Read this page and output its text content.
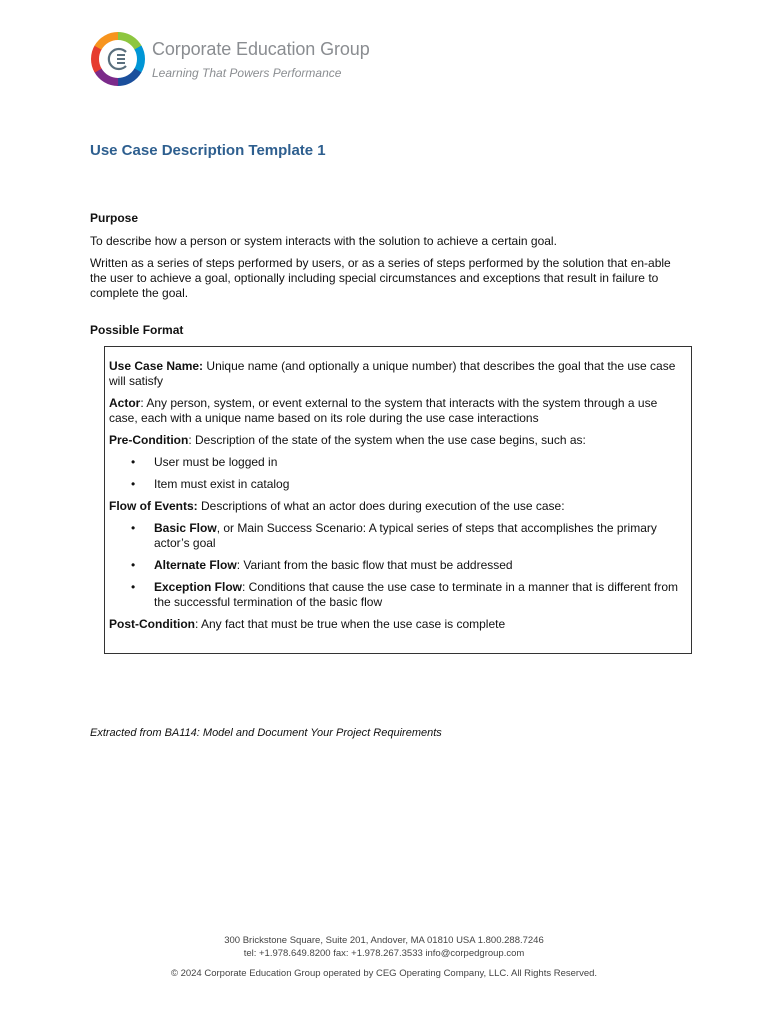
Corporate Education Group
Learning That Powers Performance
Use Case Description Template 1
Purpose

To describe how a person or system interacts with the solution to achieve a certain goal.

Written as a series of steps performed by users, or as a series of steps performed by the solution that en-able the user to achieve a goal, optionally including special circumstances and exceptions that result in failure to complete the goal.

Possible Format

Use Case Name: Unique name (and optionally a unique number) that describes the goal that the use case will satisfy

Actor: Any person, system, or event external to the system that interacts with the system through a use case, each with a unique name based on its role during the use case interactions

Pre-Condition: Description of the state of the system when the use case begins, such as:

• User must be logged in
• Item must exist in catalog

Flow of Events: Descriptions of what an actor does during execution of the use case:

• Basic Flow, or Main Success Scenario: A typical series of steps that accomplishes the primary actor’s goal
• Alternate Flow: Variant from the basic flow that must be addressed
• Exception Flow: Conditions that cause the use case to terminate in a manner that is different from the successful termination of the basic flow

Post-Condition: Any fact that must be true when the use case is complete

Extracted from BA114: Model and Document Your Project Requirements

300 Brickstone Square, Suite 201, Andover, MA 01810 USA 1.800.288.7246
tel: +1.978.649.8200 fax: +1.978.267.3533 info@corpedgroup.com
© 2024 Corporate Education Group operated by CEG Operating Company, LLC. All Rights Reserved.
